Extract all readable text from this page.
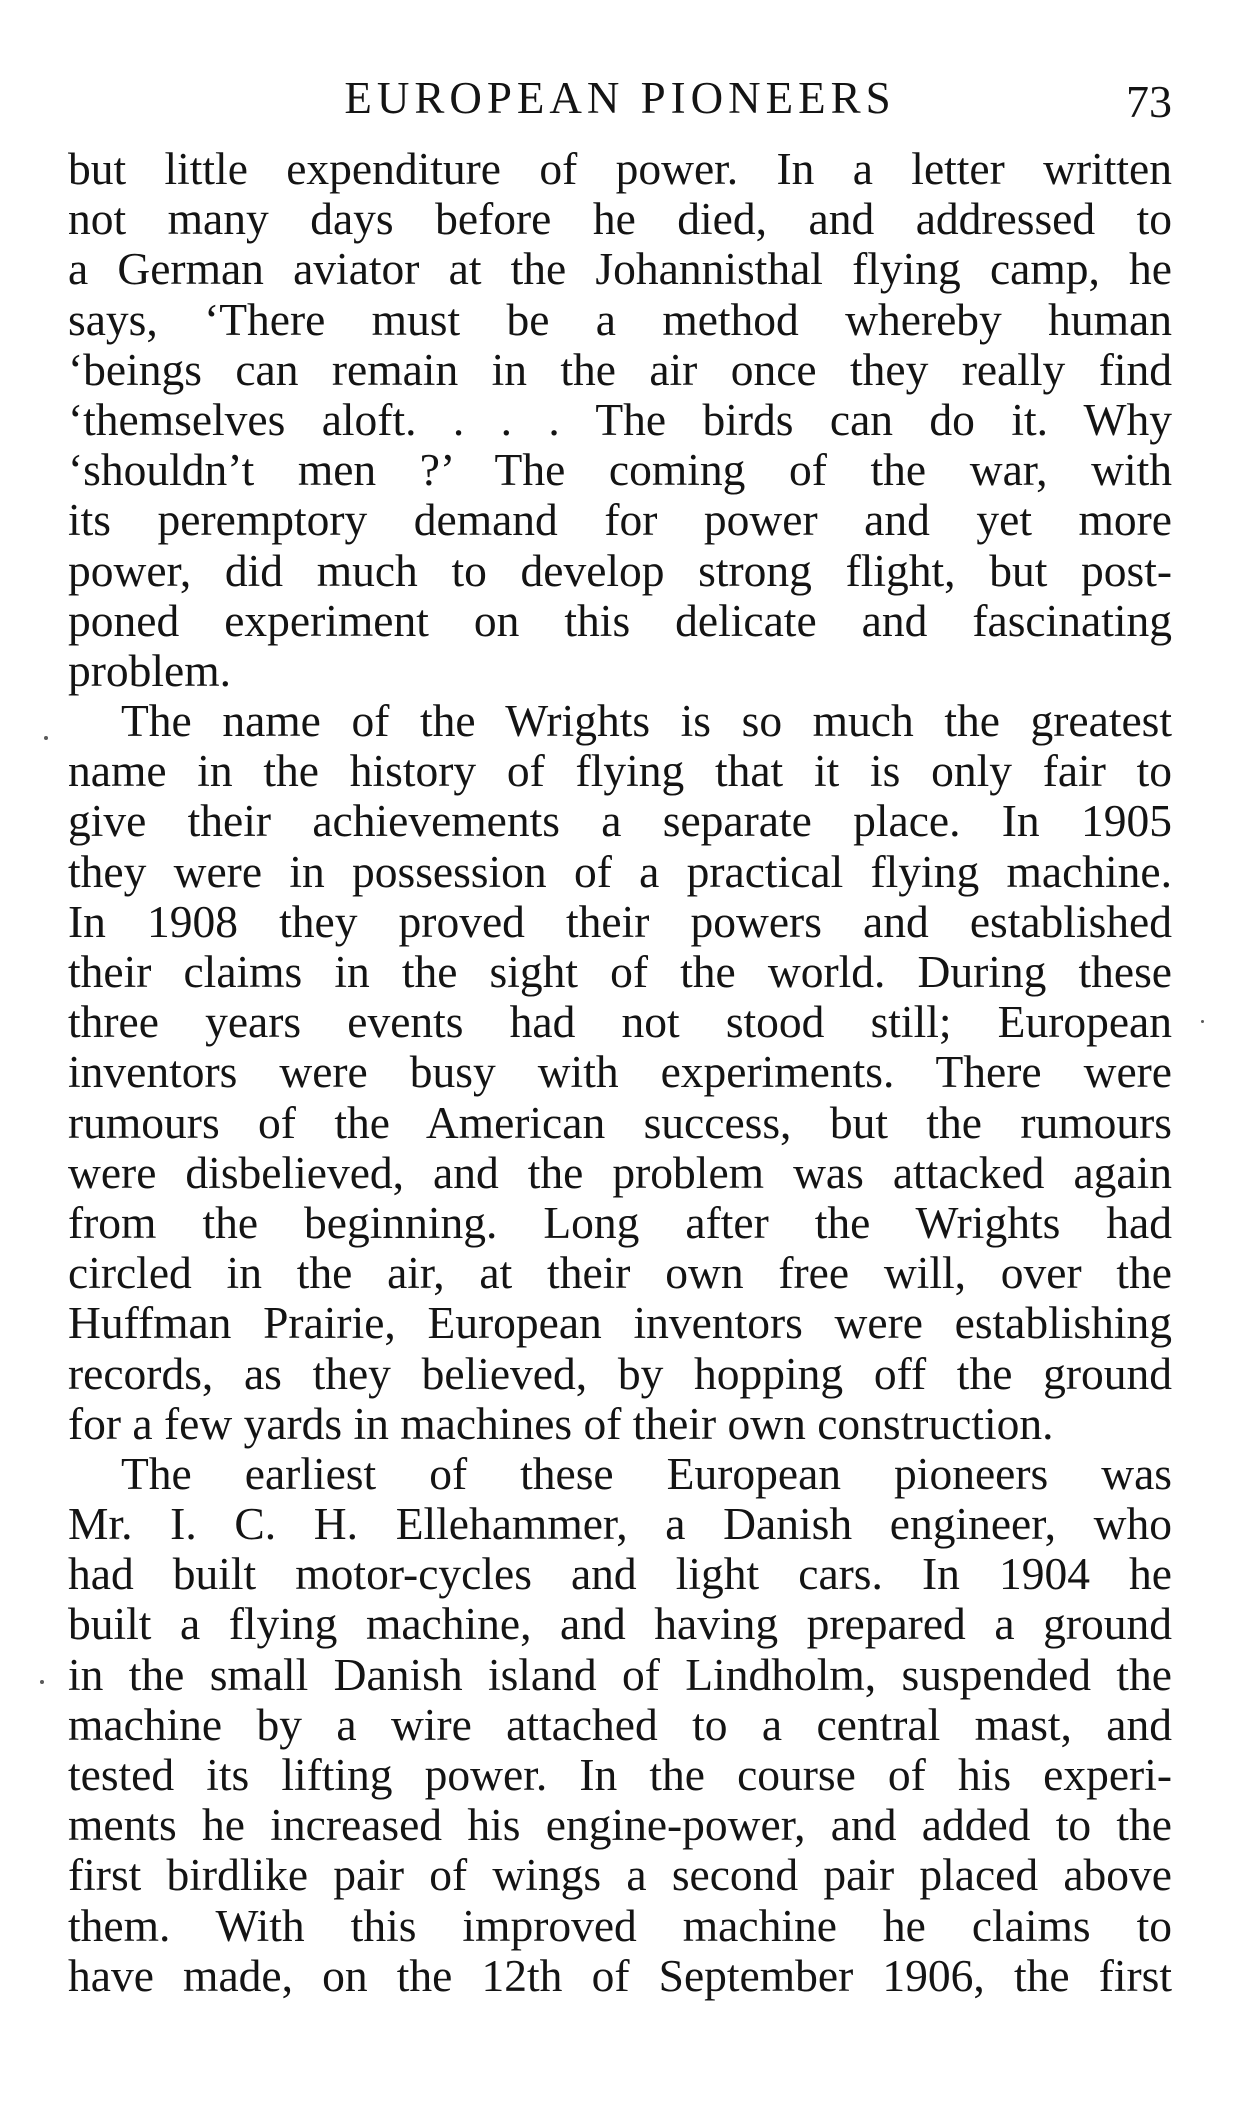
EUROPEAN PIONEERS	73
but little expenditure of power. In a letter written
not many days before he died, and addressed to
a German aviator at the Johannisthal flying camp, he
says, ‘There must be a method whereby human
‘beings can remain in the air once they really find
‘themselves aloft. . . . The birds can do it. Why
‘shouldn’t men ?’ The coming of the war, with
its peremptory demand for power and yet more
power, did much to develop strong flight, but post-
poned experiment on this delicate and fascinating
problem.
The name of the Wrights is so much the greatest
name in the history of flying that it is only fair to
give their achievements a separate place. In 1905
they were in possession of a practical flying machine.
In 1908 they proved their powers and established
their claims in the sight of the world. During these
three years events had not stood still; European
inventors were busy with experiments. There were
rumours of the American success, but the rumours
were disbelieved, and the problem was attacked again
from the beginning. Long after the Wrights had
circled in the air, at their own free will, over the
Huffman Prairie, European inventors were establishing
records, as they believed, by hopping off the ground
for a few yards in machines of their own construction.
The earliest of these European pioneers was
Mr. I. C. H. Ellehammer, a Danish engineer, who
had built motor-cycles and light cars. In 1904 he
built a flying machine, and having prepared a ground
in the small Danish island of Lindholm, suspended the
machine by a wire attached to a central mast, and
tested its lifting power. In the course of his experi-
ments he increased his engine-power, and added to the
first birdlike pair of wings a second pair placed above
them. With this improved machine he claims to
have made, on the 12th of September 1906, the first
